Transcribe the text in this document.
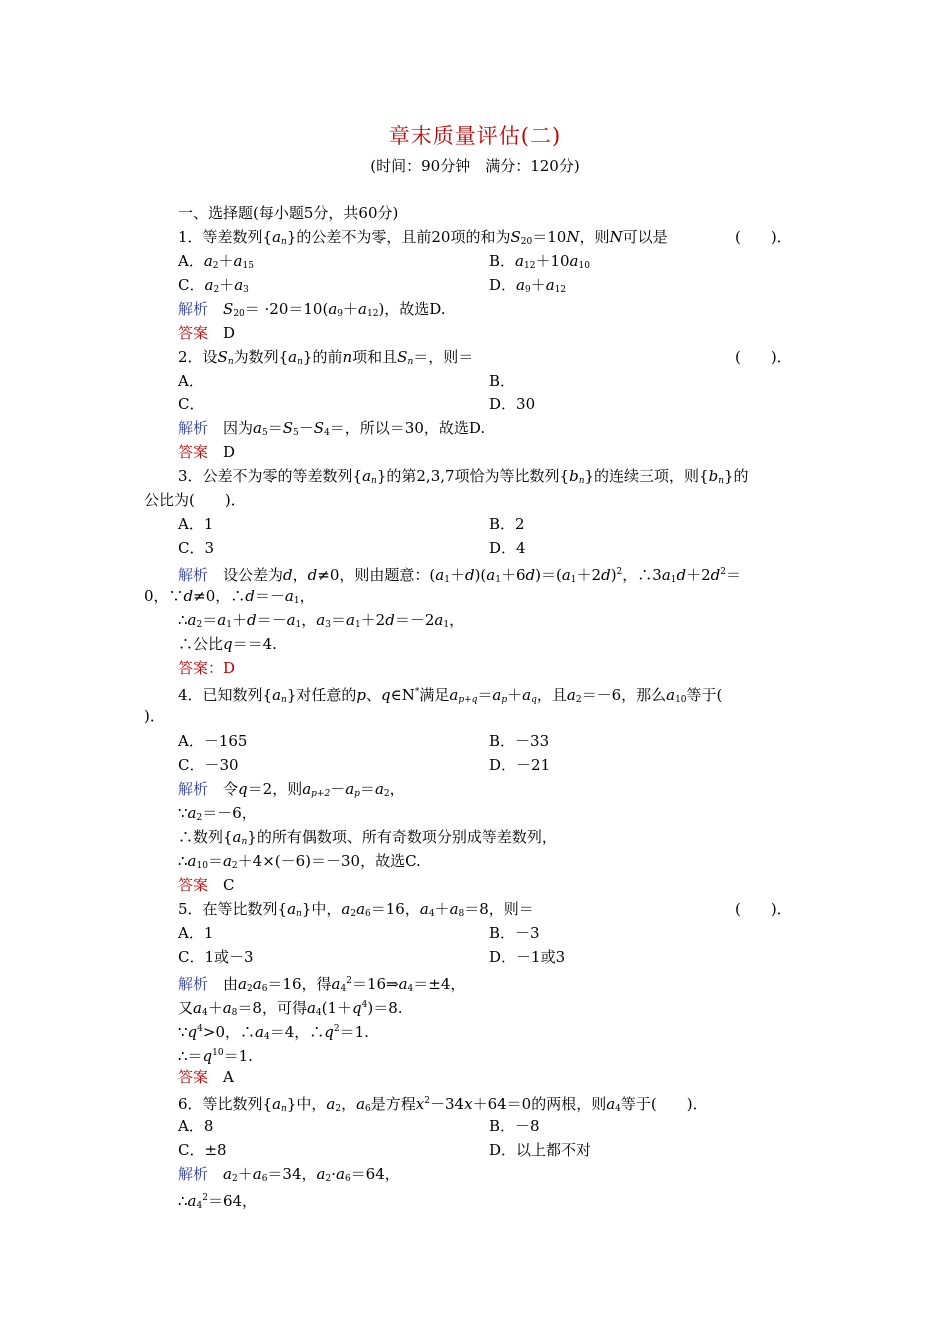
章末质量评估(二)
(时间：90分钟　满分：120分)
一、选择题(每小题5分，共60分)
1．等差数列$\{a_n\}$的公差不为零，且前20项的和为$S_{20}=10N$，则N可以是	(　　)．
A．$a_2+a_{15}$	B．$a_{12}+10a_{10}$
C．$a_2+a_3$	D．$a_9+a_{12}$
解析　 $S_{20}= \cdot 20=10(a_9+a_{12})$，故选D.
答案　 D
2．设$S_n$为数列$\{a_n\}$的前n项和且$S_n=$，则＝	(　　)．
A．	B．
C．	D．30
解析　 因为$a_5=S_5-S_4=$，所以＝30，故选D.
答案　 D
3．公差不为零的等差数列$\{a_n\}$的第2,3,7项恰为等比数列$\{b_n\}$的连续三项，则$\{b_n\}$的
公比为(　　)．
A．1	B．2
C．3	D．4
解析　 设公差为d，d≠0，则由题意：$(a_1+d)(a_1+6d)=(a_1+2d)^2$，$\therefore 3a_1d+2d^2=$
0，∵d≠0，$\therefore d=-a_1$，
$\therefore a_2=a_1+d=-a_1$，$a_3=a_1+2d=-2a_1$，
∴公比q＝＝4.
答案：D
4．已知数列$\{a_n\}$对任意的p、q∈N*满足$a_{p+q}=a_p+a_q$，且$a_2=-6$，那么$a_{10}$等于(
)．
A．－165	B．－33
C．－30	D．－21
解析　 令q＝2，则$a_{p+2}-a_p=a_2$，
$\because a_2=-6$，
∴数列$\{a_n\}$的所有偶数项、所有奇数项分别成等差数列，
$\therefore a_{10}=a_2+4\times(-6)=-30$，故选C.
答案　 C
5．在等比数列$\{a_n\}$中，$a_2a_6=16$，$a_4+a_8=8$，则＝	(　　)．
A．1	B．－3
C．1或－3	D．－1或3
解析　 由$a_2a_6=16$，得$a_4^2=16\Rightarrow a_4=\pm 4$，
又$a_4+a_8=8$，可得$a_4(1+q^4)=8$.
$\because q^4>0$，$\therefore a_4=4$，$\therefore q^2=1$.
$\therefore=q^{10}=1$.
答案　 A
6．等比数列$\{a_n\}$中，$a_2$，$a_6$是方程$x^2-34x+64=0$的两根，则$a_4$等于(　　)．
A．8	B．－8
C．±8	D．以上都不对
解析　 $a_2+a_6=34$，$a_2\cdot a_6=64$，
$\therefore a_4^2=64$，
